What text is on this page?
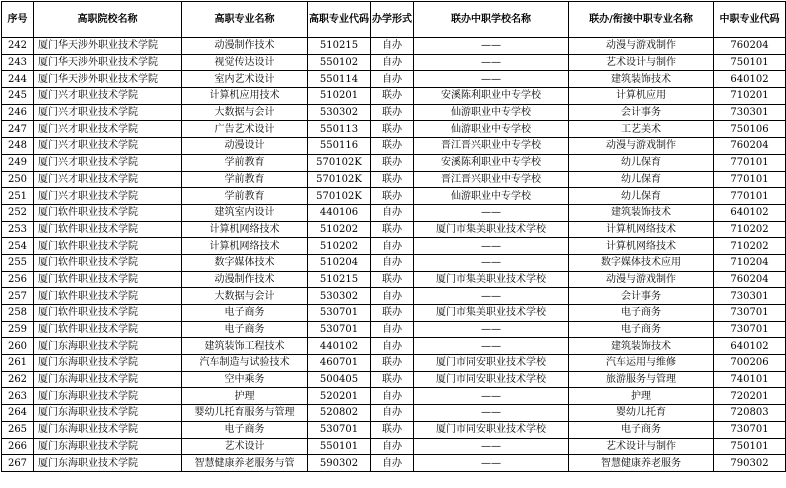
序号	高职院校名称	高职专业名称	高职专业代码	办学形式	联办中职学校名称	联办/衔接中职专业名称	中职专业代码
242	厦门华天涉外职业技术学院	动漫制作技术	510215	自办	——	动漫与游戏制作	760204
243	厦门华天涉外职业技术学院	视觉传达设计	550102	自办	——	艺术设计与制作	750101
244	厦门华天涉外职业技术学院	室内艺术设计	550114	自办	——	建筑装饰技术	640102
245	厦门兴才职业技术学院	计算机应用技术	510201	联办	安溪陈利职业中专学校	计算机应用	710201
246	厦门兴才职业技术学院	大数据与会计	530302	联办	仙游职业中专学校	会计事务	730301
247	厦门兴才职业技术学院	广告艺术设计	550113	联办	仙游职业中专学校	工艺美术	750106
248	厦门兴才职业技术学院	动漫设计	550116	联办	晋江晋兴职业中专学校	动漫与游戏制作	760204
249	厦门兴才职业技术学院	学前教育	570102K	联办	安溪陈利职业中专学校	幼儿保育	770101
250	厦门兴才职业技术学院	学前教育	570102K	联办	晋江晋兴职业中专学校	幼儿保育	770101
251	厦门兴才职业技术学院	学前教育	570102K	联办	仙游职业中专学校	幼儿保育	770101
252	厦门软件职业技术学院	建筑室内设计	440106	自办	——	建筑装饰技术	640102
253	厦门软件职业技术学院	计算机网络技术	510202	联办	厦门市集美职业技术学校	计算机网络技术	710202
254	厦门软件职业技术学院	计算机网络技术	510202	自办	——	计算机网络技术	710202
255	厦门软件职业技术学院	数字媒体技术	510204	自办	——	数字媒体技术应用	710204
256	厦门软件职业技术学院	动漫制作技术	510215	联办	厦门市集美职业技术学校	动漫与游戏制作	760204
257	厦门软件职业技术学院	大数据与会计	530302	自办	——	会计事务	730301
258	厦门软件职业技术学院	电子商务	530701	联办	厦门市集美职业技术学校	电子商务	730701
259	厦门软件职业技术学院	电子商务	530701	自办	——	电子商务	730701
260	厦门东海职业技术学院	建筑装饰工程技术	440102	自办	——	建筑装饰技术	640102
261	厦门东海职业技术学院	汽车制造与试验技术	460701	联办	厦门市同安职业技术学校	汽车运用与维修	700206
262	厦门东海职业技术学院	空中乘务	500405	联办	厦门市同安职业技术学校	旅游服务与管理	740101
263	厦门东海职业技术学院	护理	520201	自办	——	护理	720201
264	厦门东海职业技术学院	婴幼儿托育服务与管理	520802	自办	——	婴幼儿托育	720803
265	厦门东海职业技术学院	电子商务	530701	联办	厦门市同安职业技术学校	电子商务	730701
266	厦门东海职业技术学院	艺术设计	550101	自办	——	艺术设计与制作	750101
267	厦门东海职业技术学院	智慧健康养老服务与管	590302	自办	——	智慧健康养老服务	790302
